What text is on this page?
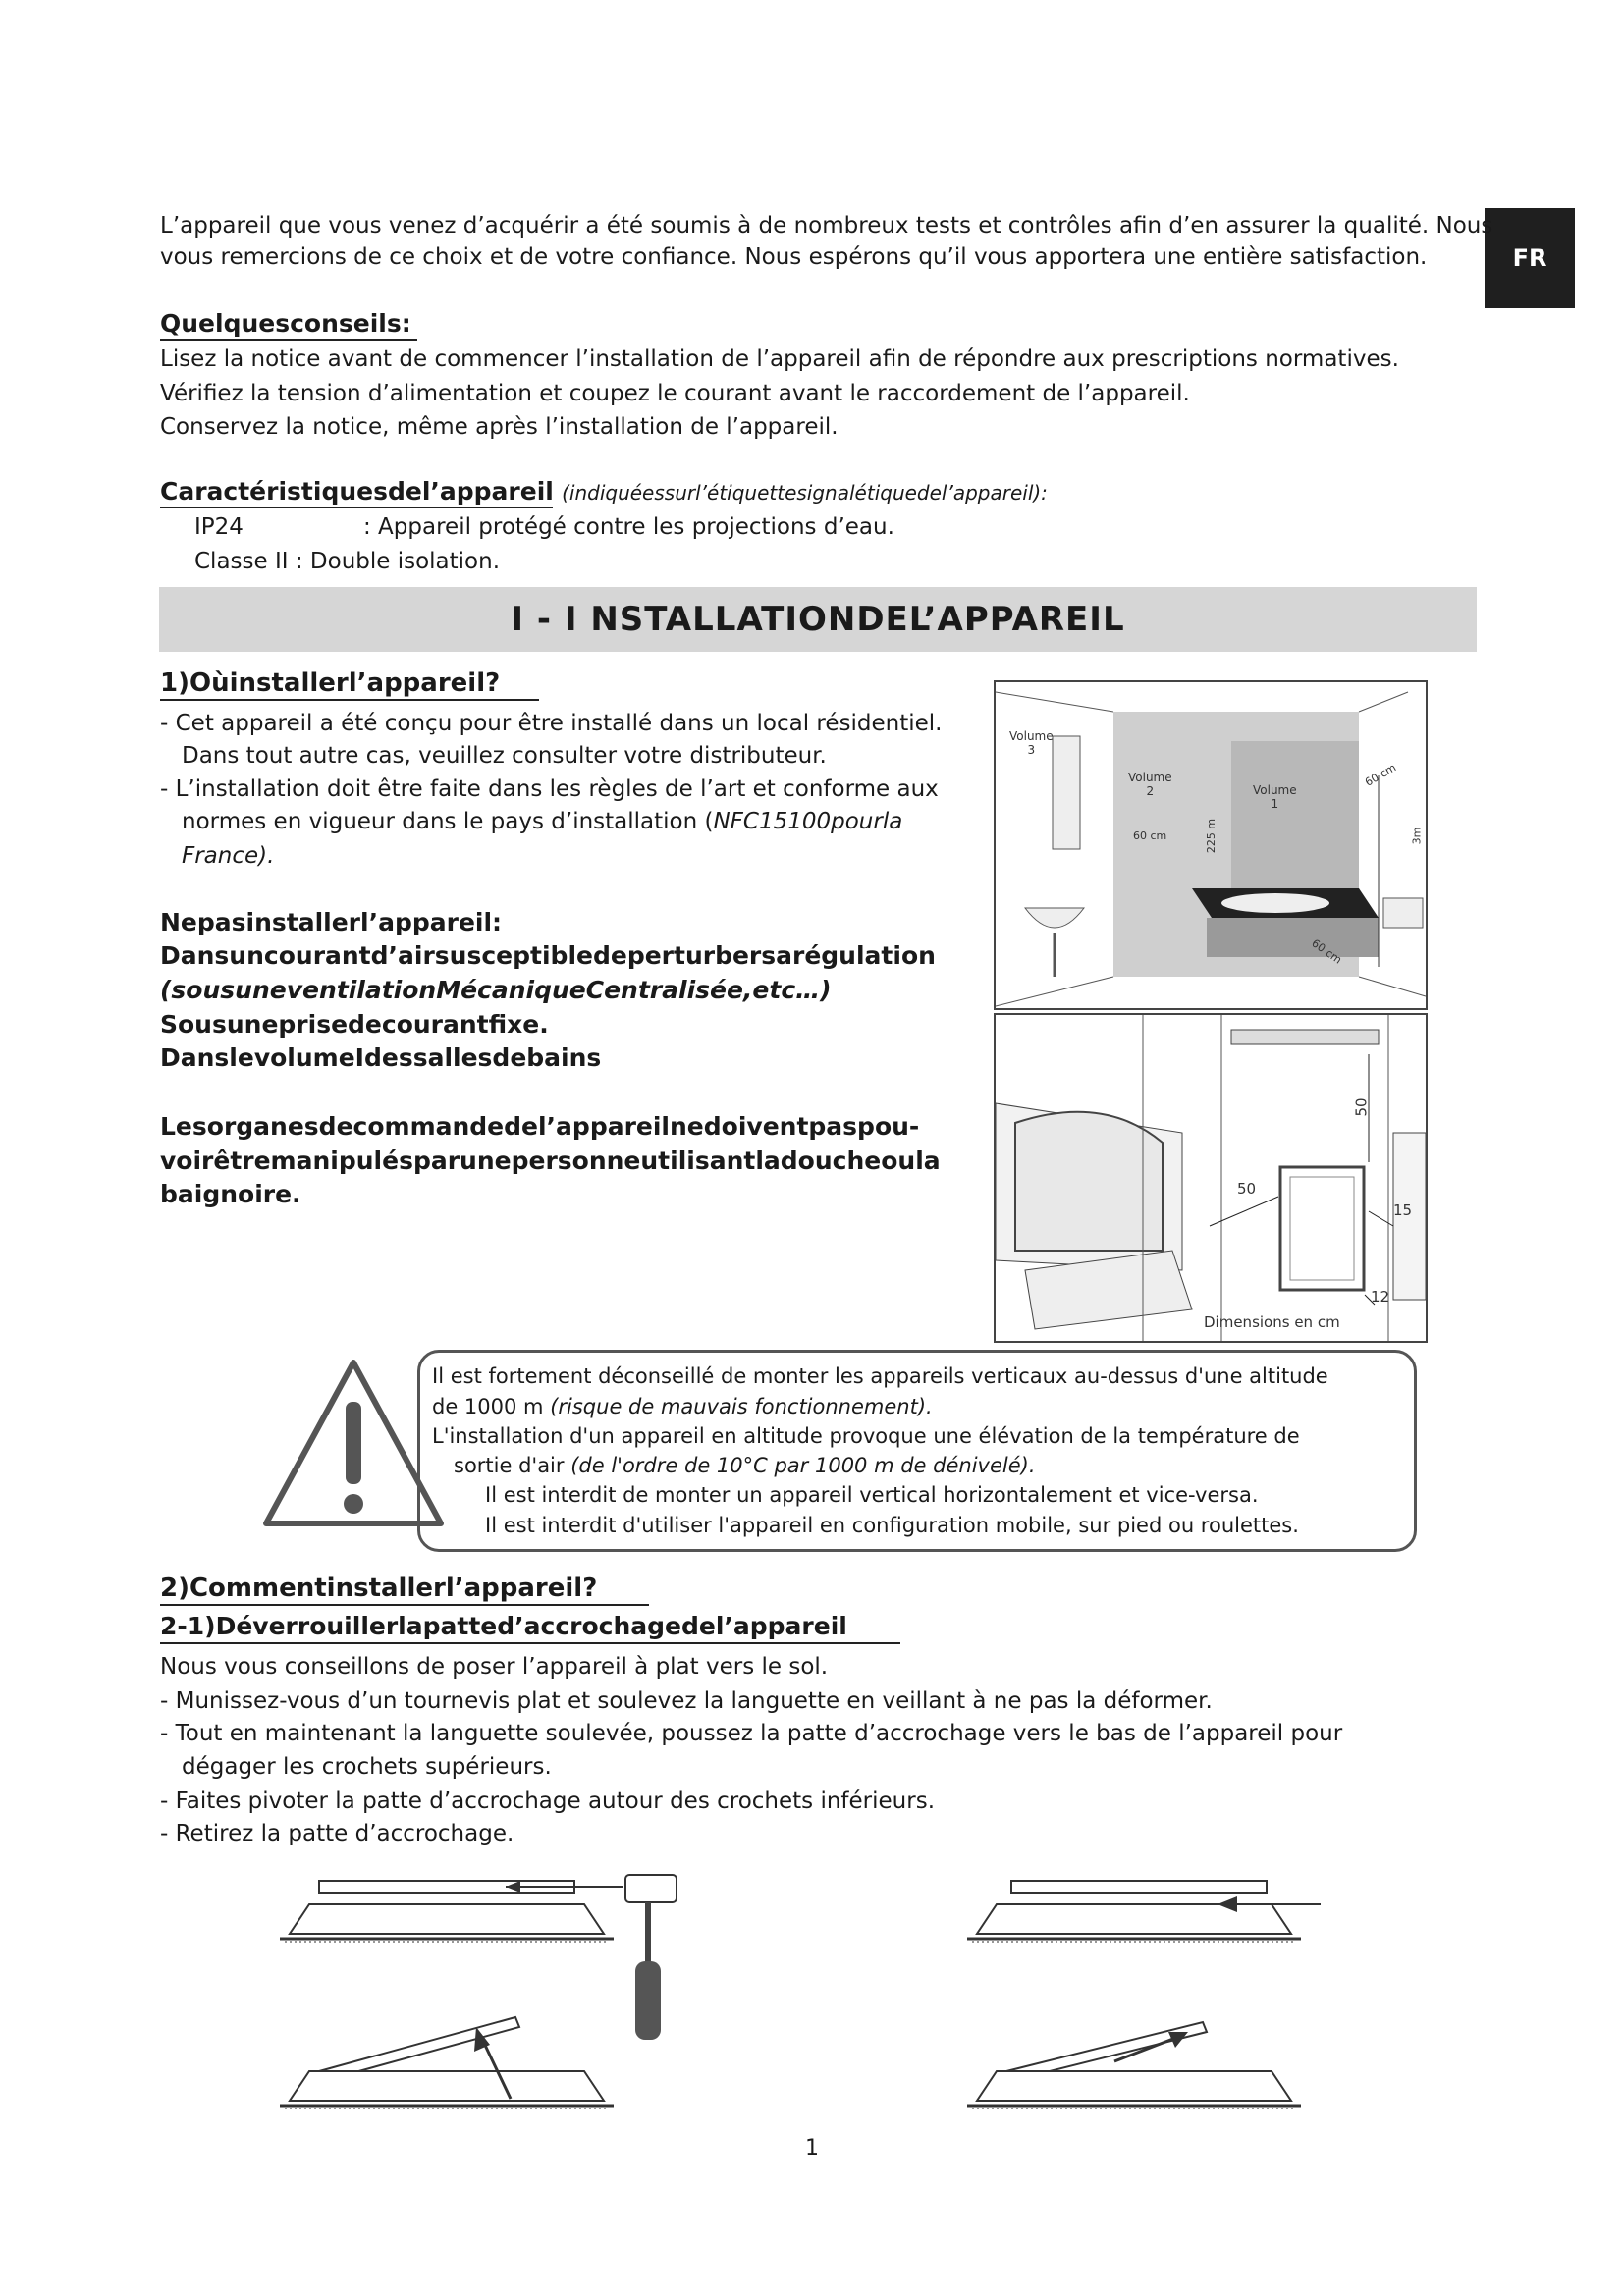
FR
L’appareil que vous venez d’acquérir a été soumis à de nombreux tests et contrôles afin d’en assurer la qualité. Nous
vous remercions de ce choix et de votre confiance. Nous espérons qu’il vous apportera une entière satisfaction.
Quelquesconseils:
Lisez la notice avant de commencer l’installation de l’appareil afin de répondre aux prescriptions normatives.
Vérifiez la tension d’alimentation et coupez le courant avant le raccordement de l’appareil.
Conservez la notice, même après l’installation de l’appareil.
Caractéristiquesdel’appareil (indiquéessurl’étiquettesignalétiquedel’appareil):
IP24	: Appareil protégé contre les projections d’eau.
Classe II : Double isolation.
I - I NSTALLATIONDEL’APPAREIL
1)Oùinstallerl’appareil?
- Cet appareil a été conçu pour être installé dans un local résidentiel.
Dans tout autre cas, veuillez consulter votre distributeur.
- L’installation doit être faite dans les règles de l’art et conforme aux
normes en vigueur dans le pays d’installation (NFC15100pourla
France).
Nepasinstallerl’appareil:
Dansuncourantd’airsusceptibledeperturbersarégulation
(sousuneventilationMécaniqueCentralisée,etc…)
Sousuneprisedecourantfixe.
DanslevolumeIdessallesdebains
Lesorganesdecommandedel’appareilnedoiventpaspou-
voirêtremanipulésparunepersonneutilisantladoucheoula
baignoire.
Volume
3
Volume
2	Volume
1
60 cm
60 cm
60 cm
225 m	3m
50
50
15
12
Dimensions en cm
Il est fortement déconseillé de monter les appareils verticaux au-dessus d'une altitude
de 1000 m (risque de mauvais fonctionnement).
L'installation d'un appareil en altitude provoque une élévation de la température de
sortie d'air (de l'ordre de 10°C par 1000 m de dénivelé).
Il est interdit de monter un appareil vertical horizontalement et vice-versa.
Il est interdit d'utiliser l'appareil en configuration mobile, sur pied ou roulettes.
2)Commentinstallerl’appareil?
2-1)Déverrouillerlapatted’accrochagedel’appareil
Nous vous conseillons de poser l’appareil à plat vers le sol.
- Munissez-vous d’un tournevis plat et soulevez la languette en veillant à ne pas la déformer.
- Tout en maintenant la languette soulevée, poussez la patte d’accrochage vers le bas de l’appareil pour
dégager les crochets supérieurs.
- Faites pivoter la patte d’accrochage autour des crochets inférieurs.
- Retirez la patte d’accrochage.
1
